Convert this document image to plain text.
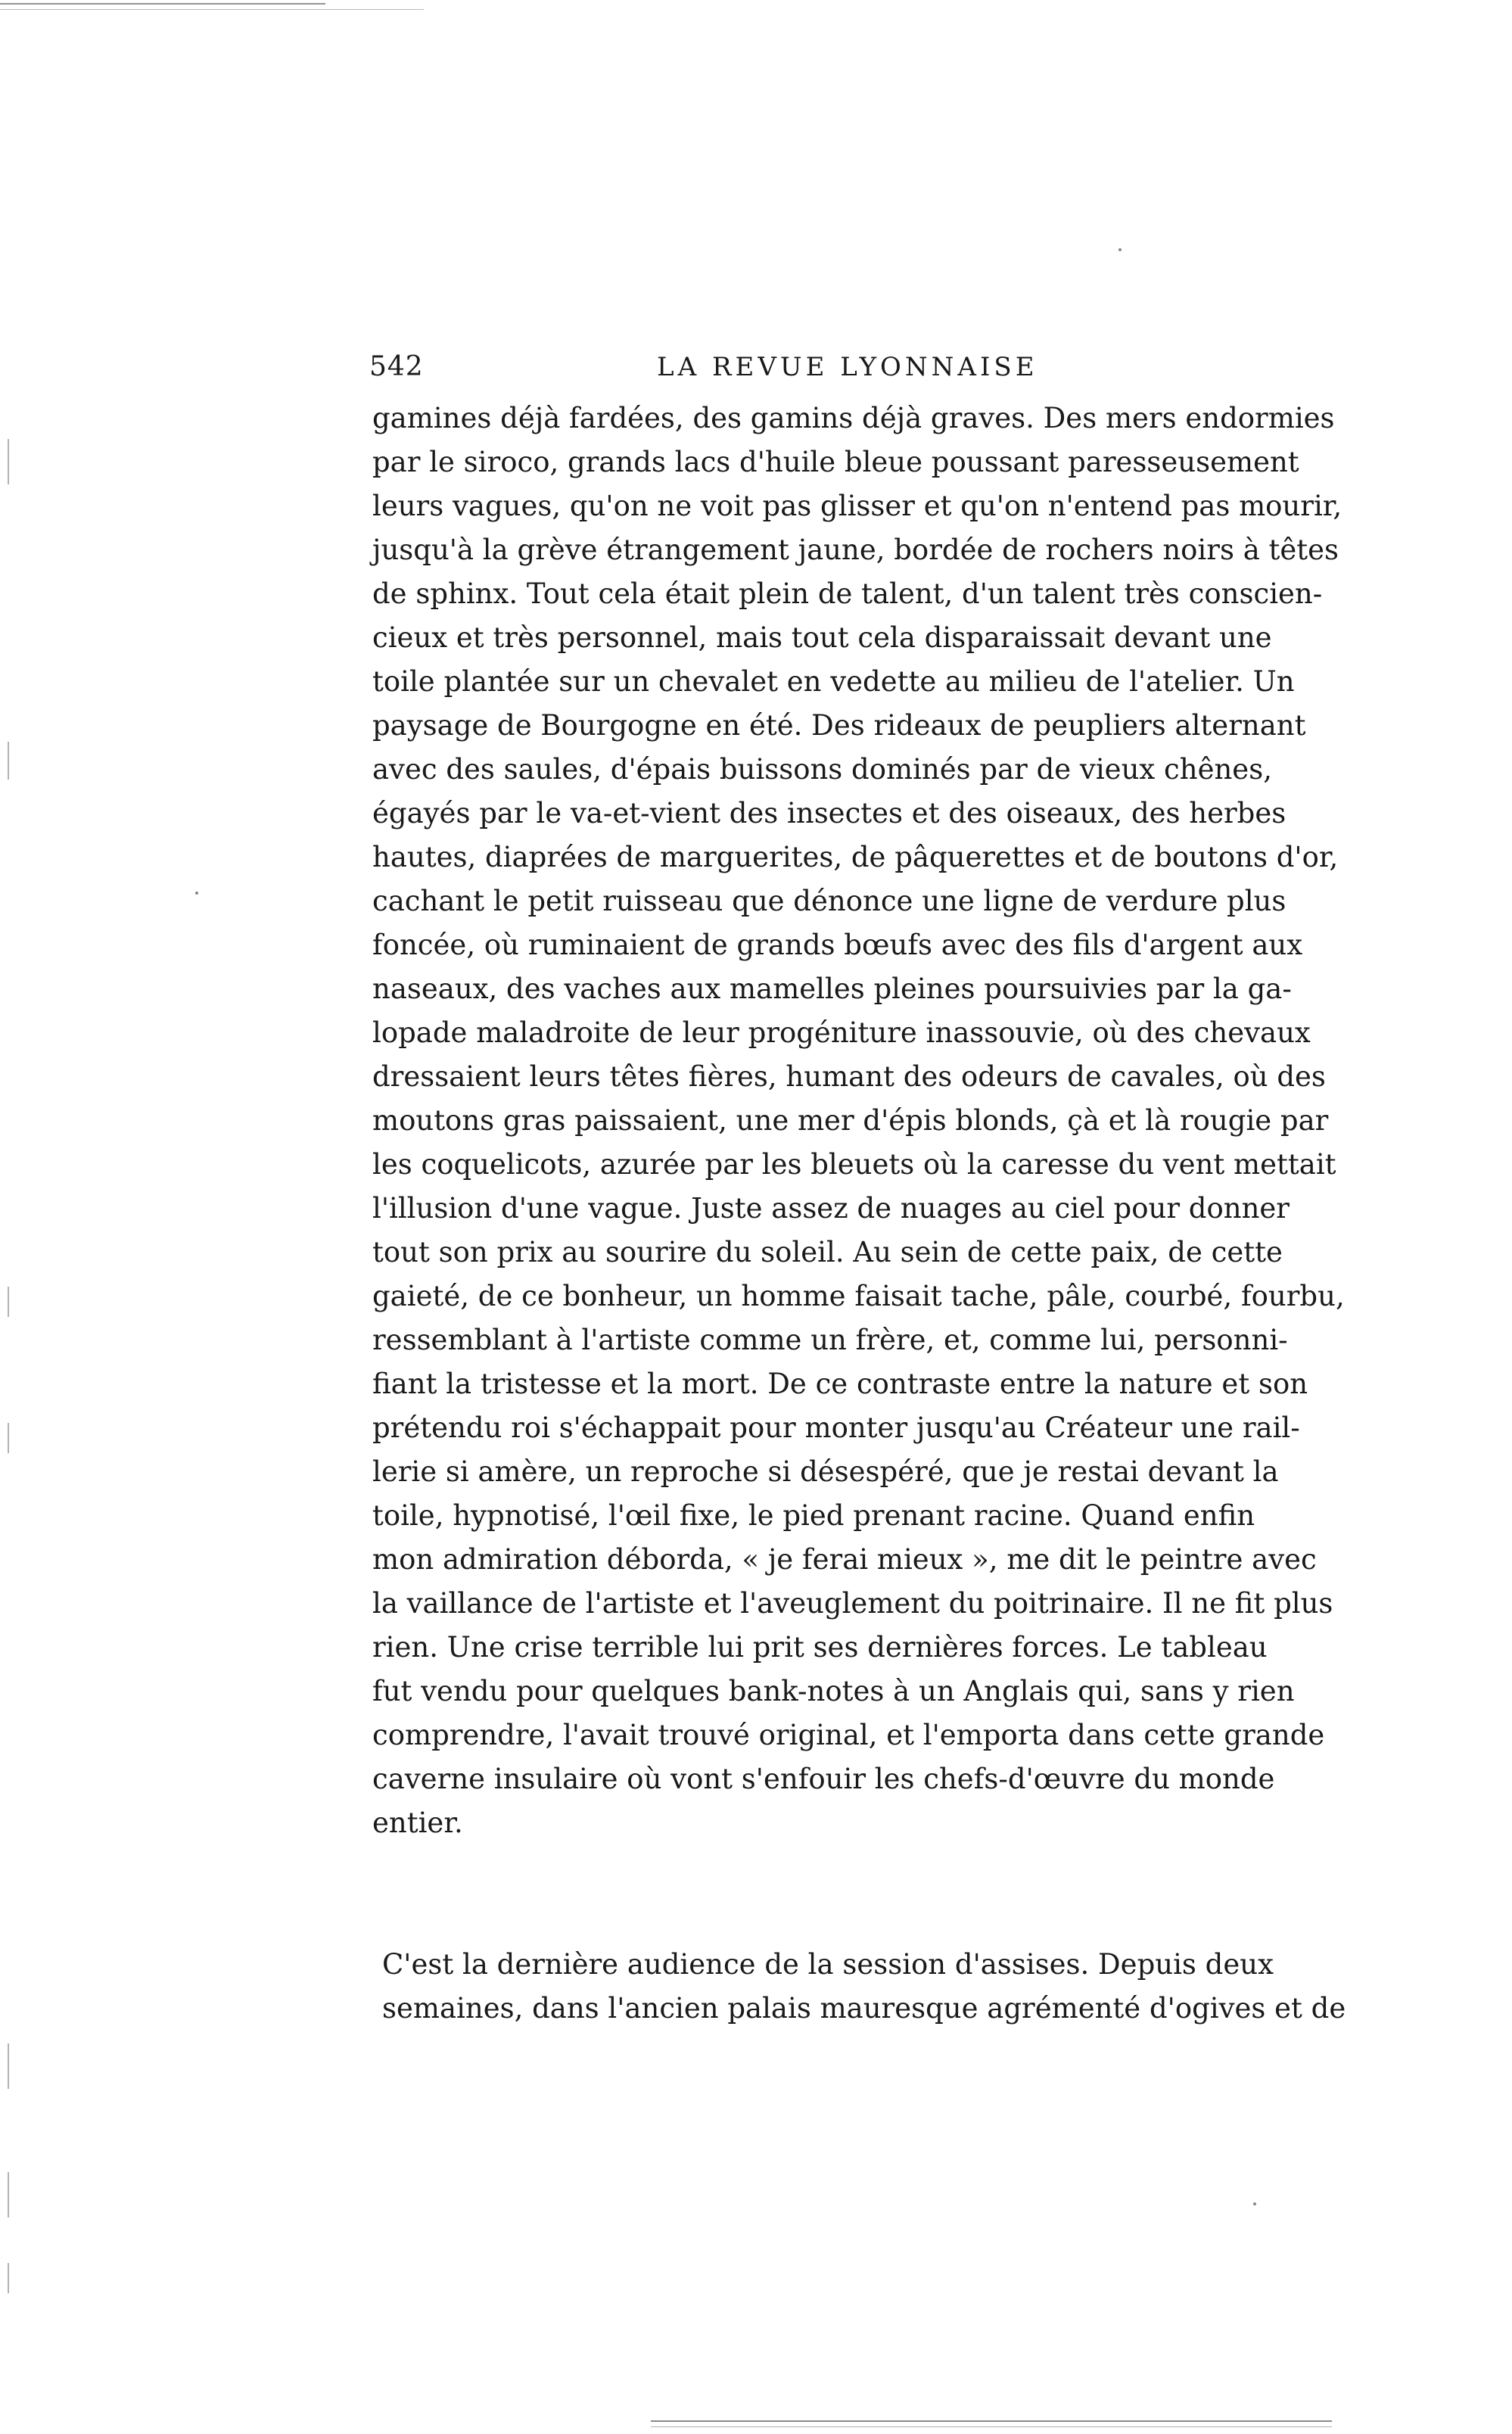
542	LA REVUE LYONNAISE
gamines déjà fardées, des gamins déjà graves. Des mers endormies
par le siroco, grands lacs d'huile bleue poussant paresseusement
leurs vagues, qu'on ne voit pas glisser et qu'on n'entend pas mourir,
jusqu'à la grève étrangement jaune, bordée de rochers noirs à têtes
de sphinx. Tout cela était plein de talent, d'un talent très conscien-
cieux et très personnel, mais tout cela disparaissait devant une
toile plantée sur un chevalet en vedette au milieu de l'atelier. Un
paysage de Bourgogne en été. Des rideaux de peupliers alternant
avec des saules, d'épais buissons dominés par de vieux chênes,
égayés par le va-et-vient des insectes et des oiseaux, des herbes
hautes, diaprées de marguerites, de pâquerettes et de boutons d'or,
cachant le petit ruisseau que dénonce une ligne de verdure plus
foncée, où ruminaient de grands bœufs avec des fils d'argent aux
naseaux, des vaches aux mamelles pleines poursuivies par la ga-
lopade maladroite de leur progéniture inassouvie, où des chevaux
dressaient leurs têtes fières, humant des odeurs de cavales, où des
moutons gras paissaient, une mer d'épis blonds, çà et là rougie par
les coquelicots, azurée par les bleuets où la caresse du vent mettait
l'illusion d'une vague. Juste assez de nuages au ciel pour donner
tout son prix au sourire du soleil. Au sein de cette paix, de cette
gaieté, de ce bonheur, un homme faisait tache, pâle, courbé, fourbu,
ressemblant à l'artiste comme un frère, et, comme lui, personni-
fiant la tristesse et la mort. De ce contraste entre la nature et son
prétendu roi s'échappait pour monter jusqu'au Créateur une rail-
lerie si amère, un reproche si désespéré, que je restai devant la
toile, hypnotisé, l'œil fixe, le pied prenant racine. Quand enfin
mon admiration déborda, « je ferai mieux », me dit le peintre avec
la vaillance de l'artiste et l'aveuglement du poitrinaire. Il ne fit plus
rien. Une crise terrible lui prit ses dernières forces. Le tableau
fut vendu pour quelques bank-notes à un Anglais qui, sans y rien
comprendre, l'avait trouvé original, et l'emporta dans cette grande
caverne insulaire où vont s'enfouir les chefs-d'œuvre du monde
entier.
C'est la dernière audience de la session d'assises. Depuis deux
semaines, dans l'ancien palais mauresque agrémenté d'ogives et de
